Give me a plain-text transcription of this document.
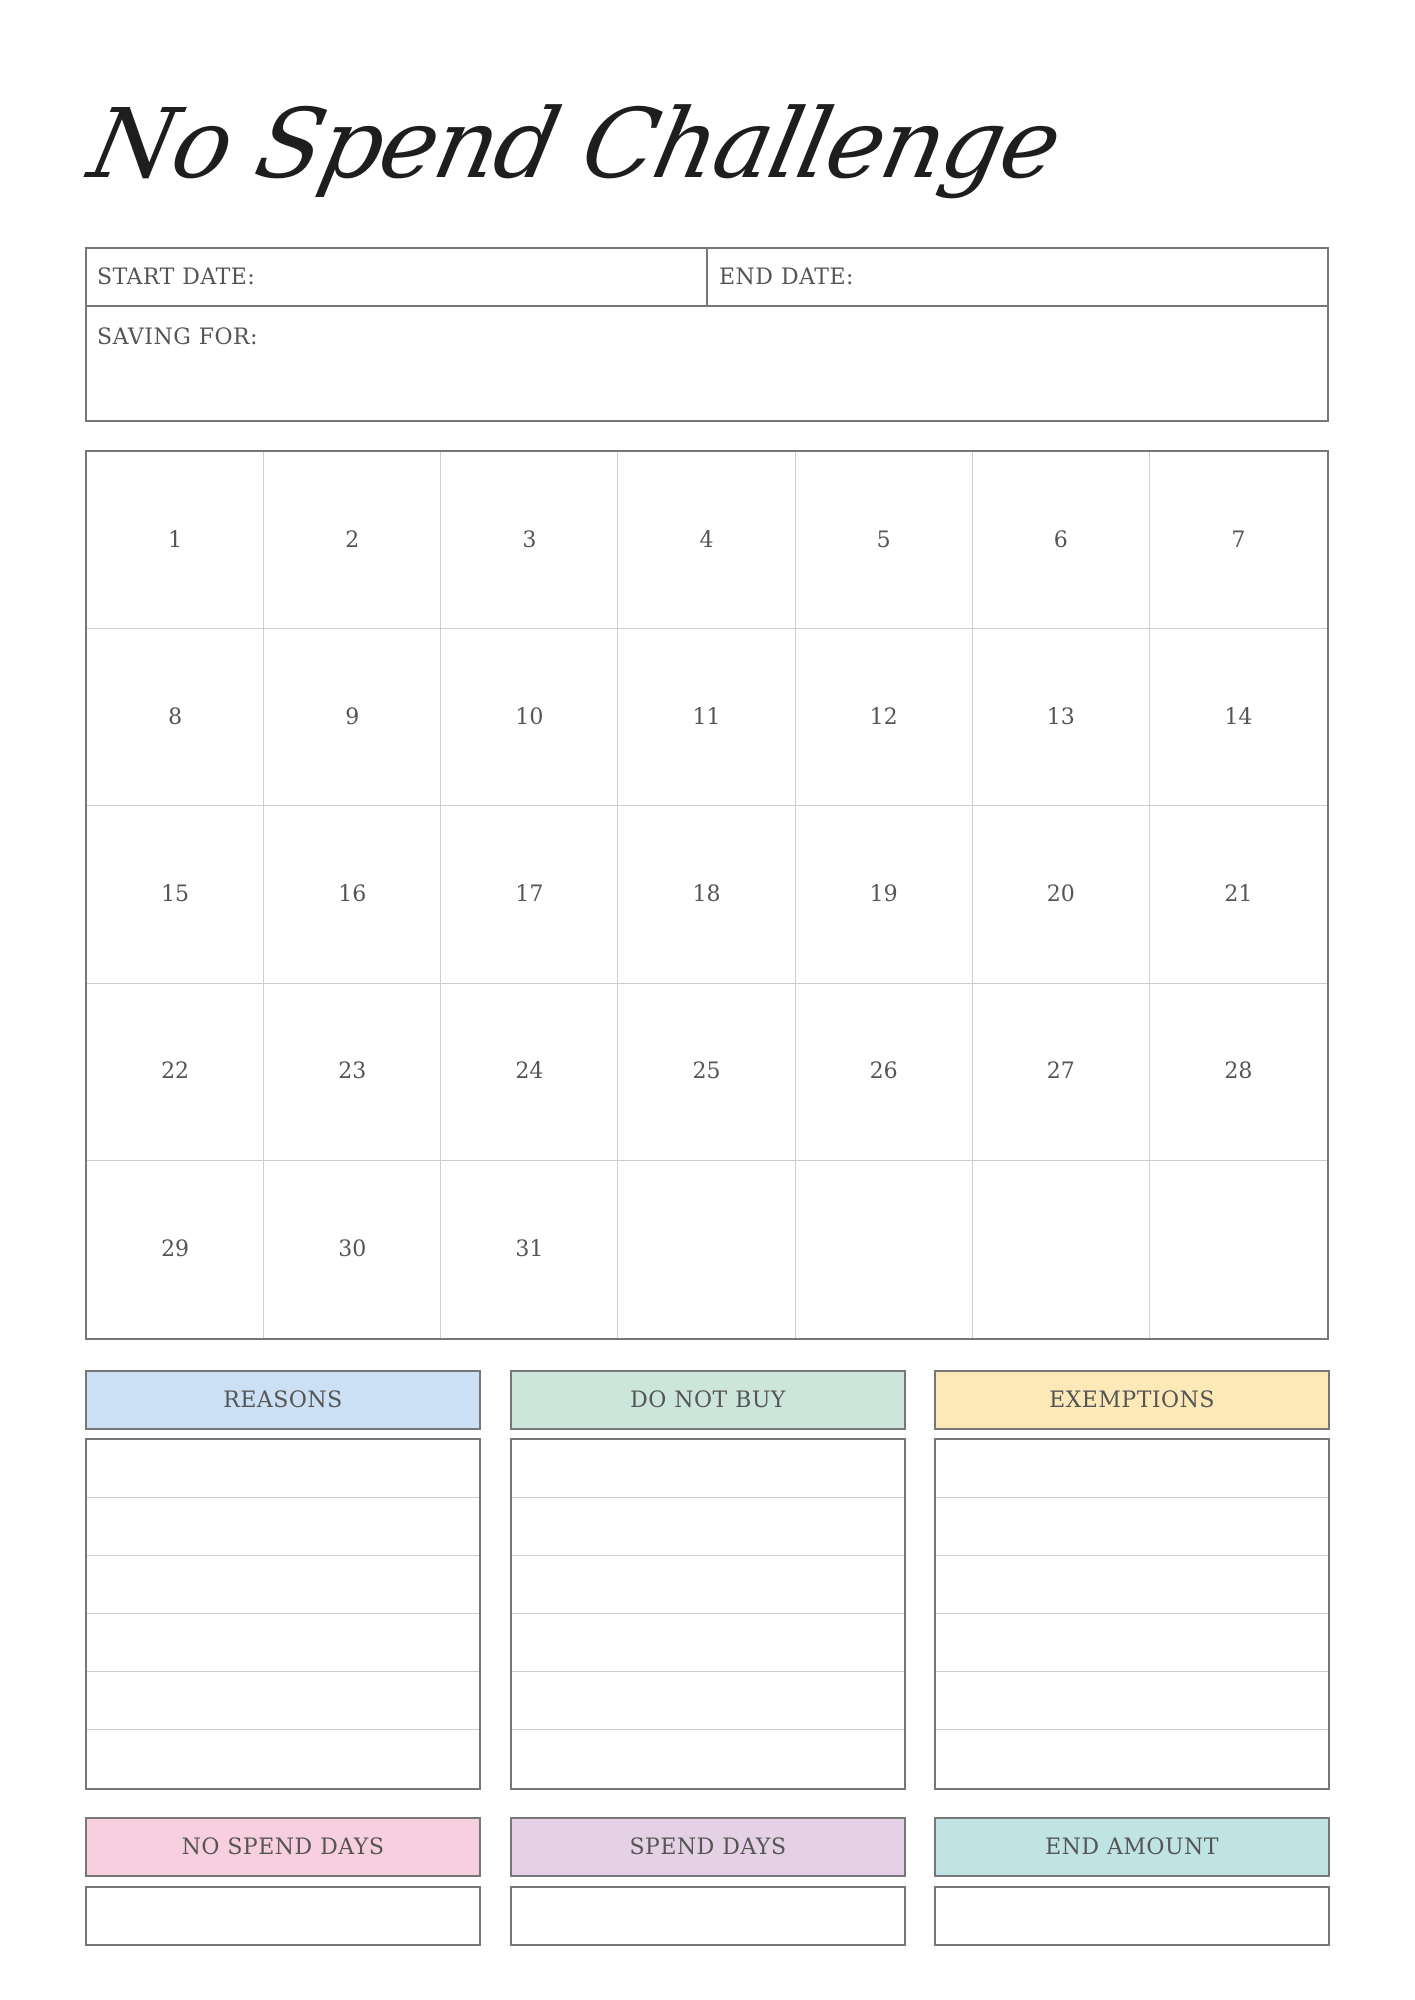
No Spend Challenge
START DATE:	END DATE:
SAVING FOR:
1	2	3	4	5	6	7
8	9	10	11	12	13	14
15	16	17	18	19	20	21
22	23	24	25	26	27	28
29	30	31
REASONS	DO NOT BUY	EXEMPTIONS
NO SPEND DAYS	SPEND DAYS	END AMOUNT
